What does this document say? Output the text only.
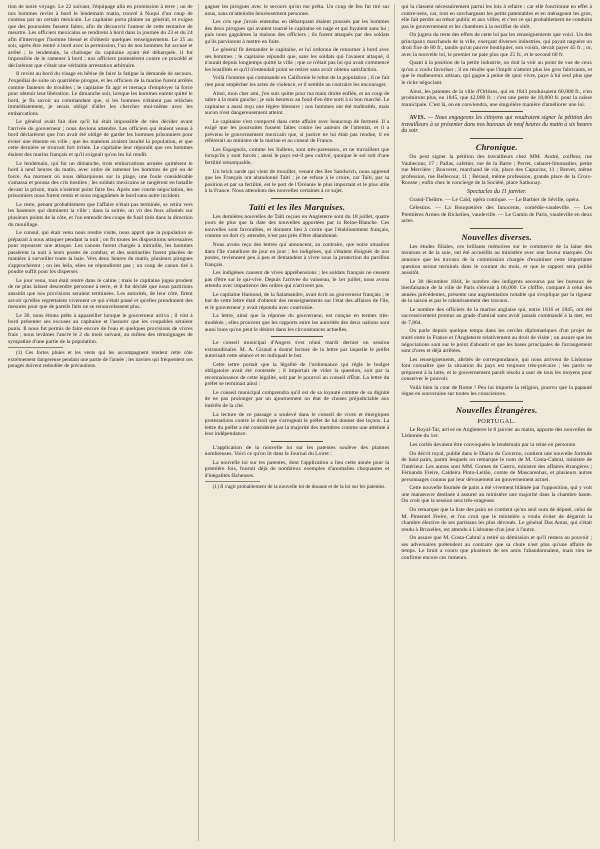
tion de notre voyage. Le 22 suivant, l'équipage alla en promission à terre ; un de nos hommes revint à bord le lendemain matin, trouvé à Nuqui d'un coup de couteau par un certain mexicain. Le capitaine porta plainte au général, et exigea que des poursuites fussent faites, afin de découvrir l'auteur de cette tentative de meurtre. Les officiers mexicains se rendirent à bord dans la journée du 23 et du 24 afin d'interroger l'homme blessé et d'obtenir quelques renseignements. Le 25 au soir, après être rentré à bord avec la permission, l'un de nos hommes fut accusé et arrêté ; le lendemain, la chaloupe du capitaine ayant été débarquée, il fut impossible de le ramener à bord ; nos officiers protestèrent contre ce procédé et déclarèrent que c'était une véritable arrestation arbitraire.

Il revint au bord du visage en bêtise de faire la fatigue la demande de secours. J'expédiai de suite un quatrième pirogue, et les officiers de la marine furent arrêtés comme fauteurs de troubles ; le capitaine fit agir et menaça d'employer la force pour obtenir leur libération. Le dimanche soir, lorsque les hommes eurent quitté le bord, je fis savoir au commandant que, si les hommes n'étaient pas relâchés immédiatement, je serais obligé d'aller les chercher moi-même avec les embarcations.

Le général avait fait dire qu'il lui était impossible de rien décider avant l'arrivée du gouverneur ; nous devions attendre. Les officiers qui étaient venus à bord déclarèrent que l'on avait été obligé de garder les hommes prisonniers pour éviter une émeute en ville ; que les matelots avaient insulté la population, et que cette dernière se trouvait fort irritée. Le capitaine leur répondit que ces hommes étaient des marins français et qu'il exigeait qu'on les lui rendît.

Le lendemain, qui fut un dimanche, trois embarcations armées quittèrent le bord à neuf heures du matin, avec ordre de ramener les hommes de gré ou de force. Au moment où nous débarquions sur la plage, une foule considérable s'amassa et poussa des cris hostiles ; les soldats mexicains se rangèrent en bataille devant la prison, mais n'osèrent point faire feu. Après une courte négociation, les prisonniers nous furent remis et nous regagnâmes le bord sans autre incident.

Le reste, penant probablement que l'affaire n'était pas terminée, se retira vers les hauteurs qui dominent la ville ; dans la soirée, on vit des feux allumés sur plusieurs points de la côte, et l'on entendit des coups de fusil tirés dans la direction du mouillage.

Le consul, qui était venu nous rendre visite, nous apprit que la population se préparait à nous attaquer pendant la nuit ; on fit toutes les dispositions nécessaires pour repousser une attaque. Les canons furent chargés à mitraille, les hommes passèrent la nuit à leurs postes de combat, et des sentinelles furent placées de manière à surveiller toute la baie. Vers deux heures du matin, plusieurs pirogues s'approchèrent ; on les héla, elles ne répondirent pas ; un coup de canon tiré à poudre suffit pour les disperser.

Le jour venu, tout était rentré dans le calme ; mais le capitaine jugea prudent de ne plus laisser descendre personne à terre, et il fut décidé que nous partirions aussitôt que nos provisions seraient terminées. Les autorités, de leur côté, firent savoir qu'elles regrettaient vivement ce qui s'était passé et qu'elles prendraient des mesures pour que de pareils faits ne se renouvelassent plus.

Le 30, nous étions prêts à appareiller lorsque le gouverneur arriva ; il vint à bord présenter ses excuses au capitaine et l'assurer que les coupables seraient punis. Il nous fut permis de faire encore de l'eau et quelques provisions de vivres frais ; nous levâmes l'ancre le 2 du mois suivant, au milieu des témoignages de sympathie d'une partie de la population.

(1) Ces fortes pluies et les vents qui les accompagnent rendent cette côte extrêmement dangereuse pendant une partie de l'année ; les navires qui fréquentent ces parages doivent redoubler de précautions.

gagner les pirogues avec le secours qu'on me prêta. Un coup de feu fut tiré sur nous, sans m'atteindre heureusement personne.

Les cris que j'avais entendus en débarquant étaient poussés par les hommes des deux pirogues qui avaient tourné le capitaine en nage et qui fuyaient sans lui ; puis nous gagnâmes la maison des officiers ; ils furent attaqués par des soldats qu'ils parvinrent à mettre en fuite.

Le général fit demander le capitaine, et lui ordonna de retourner à bord avec ses hommes ; le capitaine répondit que, sans les soldats qui l'avaient attaqué, il n'aurait depuis longtemps quitté la ville ; que ce n'était pas lui qui avait commencé les hostilités et qu'il n'entendait point se retirer sans avoir obtenu satisfaction.

Voilà l'homme qui commande en Californie le rebut de la population ; il ne fait rien pour empêcher les actes de violence, et il semble au contraire les encourager.

Ainsi, mon cher ami, j'en suis quitte pour ma main droite enflée, et un coup de sabre à la main gauche ; je suis heureux au fond d'en être sorti à si bon marché. Le capitaine a aussi reçu une légère blessure ; nos hommes ont été maltraités, mais aucun n'est dangereusement atteint.

Le capitaine s'est comporté dans cette affaire avec beaucoup de fermeté. Il a exigé que les poursuites fussent faites contre les auteurs de l'attentat, et il a prévenu le gouvernement mexicain que, si justice ne lui était pas rendue, il en référerait au ministre de la marine et au consul de France.

Les Espagnols, comme les Indiens, sont très-paresseux, et ne travaillent que lorsqu'ils y sont forcés ; aussi le pays est-il peu cultivé, quoique le sol soit d'une fertilité remarquable.

Un brick sarde qui vient de mouiller, venant des îles Sandwich, nous apprend que les Français ont abandonné Taïti ; je ne refuse à le croire, car Taïti, par sa position et par sa fertilité, est le port de l'Océanie le plus important et le plus utile à la France. Nous attendons des nouvelles certaines à ce sujet.

Taïti et les îles Marquises.

Les dernières nouvelles de Taïti reçues en Angleterre sont du 18 juillet, quatre jours de plus que la date des nouvelles apportées par la Reine-Blanche. Ces nouvelles sont favorables, et donnent lieu à croire que l'établissement français, comme on doit s'y attendre, n'est pas près d'être abandonné.

Nous avons reçu des lettres qui annoncent, au contraire, que notre situation dans l'île s'améliore de jour en jour ; les indigènes, qui s'étaient éloignés de nos postes, reviennent peu à peu et demandent à vivre sous la protection du pavillon français.

Les indigènes causent de vives appréhensions ; les soldats français ne cessent pas d'être sur le qui-vive. Depuis l'arrivée du vaisseau, le 1er juillet, nous avons attendu avec impatience des ordres qui n'arrivent pas.

Le capitaine Hamond, de la Salamandre, avait écrit au gouverneur français ; le but de cette lettre était d'obtenir des renseignements sur l'état des affaires de l'île, et le gouverneur y avait répondu avec courtoisie.

La lettre, ainsi que la réponse du gouverneur, est conçue en termes très-modérés ; elles prouvent que les rapports entre les autorités des deux nations sont aussi bons qu'on peut le désirer dans les circonstances actuelles.

Le conseil municipal d'Angers s'est réuni mardi dernier en session extraordinaire. M. A. Giraud a donné lecture de la lettre par laquelle le préfet autorisait cette séance et en indiquait le but.

Cette lettre portait que la légalité de l'ordonnance qui règle le budget obligatoire avait été contestée ; il importait de vider la question, soit par la reconnaissance de cette légalité, soit par le pourvoi au conseil d'État. La lettre du préfet se terminait ainsi :

Le conseil municipal comprendra qu'il est de sa loyauté comme de sa dignité de ne pas prolonger par un ajournement un état de choses préjudiciable aux intérêts de la cité.

La lecture de ce passage a soulevé dans le conseil de vives et énergiques protestations contre le droit que s'arrogeait le préfet de lui donner des leçons. La lettre du préfet a été considérée par la majorité des membres comme une atteinte à leur indépendance.

L'application de la nouvelle loi sur les patentes soulève des plaintes nombreuses. Voici ce qu'on lit dans le Journal du Loiret :

La nouvelle loi sur les patentes, dont l'application a lieu cette année pour la première fois, fournit déjà de nombreux exemples d'anomalies choquantes et d'inégalités fâcheuses.

(1) Il s'agit probablement de la nouvelle loi de douane et de la loi sur les patentes.

qui la classent nécessairement parmi les lois à refaire : car elle fonctionne en effet à contre-sens, car, tout en surchargeant les petits patentables et en ménageant les gros, elle fait perdre au trésor public et aux villes, et c'est ce qui probablement ne conduira pas le gouvernement et les chambres à la rectifier de sitôt.

On jugera du reste des effets de cette loi par les renseignements que voici. Un des principaux marchands de la ville, exerçant diverses industries, qui payait naguère un droit fixe de 80 fr., tandis qu'un pauvre boutiquier, son voisin, devait payer 45 fr. ; or, avec la nouvelle loi, le premier ne paie plus que 25 fr., et le second 60 fr.

Quant à la position de la petite industrie, on doit la voir au point de vue de ceux qu'on a voulu favoriser ; il en résulte que l'impôt n'atteint plus les gros fabricants, et que le malheureux artisan, qui gagne à peine de quoi vivre, paye à lui seul plus que le riche négociant.

Ainsi, les patentes de la ville d'Orléans, qui en 1843 produisaient 60,000 fr., n'en produiront plus, en 1845, que 42,000 fr. ; c'est une perte de 18,000 fr. pour la caisse municipale. C'est là, on en conviendra, une singulière manière d'améliorer une loi.

AVIS. — Nous engageons les citoyens qui voudraient signer la pétition des travailleurs à se présenter dans nos bureaux de neuf heures du matin à six heures du soir.

Chronique.

On peut signer la pétition des travailleurs chez MM. André, coiffeur, rue Vaubecour, 17 ; Pallas, cafetier, rue de la Barre ; Perret, cabaret-limonadier, petite rue Mercière ; Bouveret, marchand de vin, place des Capucins, 11 ; Brevet, même profession, rue Bellecour, 11 ; Béraud, même profession, grande place de la Croix-Rousse ; enfin chez le concierge de la Société, place Sathonay.

Spectacles du 11 janvier.

Grand-Théâtre. — Le Caïd, opéra comique. — Le Barbier de Séville, opéra.

Célestins. — La Bouquetière des Innocents, comédie-vaudeville. — Les Premières Armes de Richelieu, vaudeville. — Le Gamin de Paris, vaudeville en deux actes.

Nouvelles diverses.

Les études filiales, ces brillants mémoires sur le commerce de la laine des moutons et de la soie, ont été accueillis au ministère avec une faveur marquée. On annonce que les travaux de la commission chargée d'examiner cette importante question seront terminés dans le courant du mois, et que le rapport sera publié aussitôt.

Le 30 décembre 1844, le nombre des indigents secourus par les bureaux de bienfaisance de la ville de Paris s'élevait à 66,000. Ce chiffre, comparé à celui des années précédentes, présente une augmentation notable qui s'explique par la rigueur de la saison et par le ralentissement des travaux.

Le nombre des officiers de la marine anglaise qui, entre 1816 et 1845, ont été successivement promus au grade d'amiral sans avoir jamais commandé à la mer, est de 7,864.

On parle depuis quelque temps dans les cercles diplomatiques d'un projet de traité entre la France et l'Angleterre relativement au droit de visite ; on assure que les négociations sont sur le point d'aboutir et que les bases principales de l'arrangement sont d'ores et déjà arrêtées.

Les renseignements, abrités de correspondance, qui nous arrivent de Lisbonne font connaître que la situation du pays est toujours très-précaire ; les partis se préparent à la lutte, et le gouvernement paraît résolu à user de tous les moyens pour conserver le pouvoir.

Voilà bien la cour de Rome ! Peu lui importe la religion, pourvu que la papauté règne en souveraine sur toutes les consciences.

Nouvelles Étrangères.
PORTUGAL.

Le Royal-Tar, arrivé en Angleterre le 8 janvier au matin, apporte des nouvelles de Lisbonne du 1er.

Les cortès devaient être convoquées le lendemain par la reine en personne.

On décrit royal, publié dans le Diario do Governo, contient une nouvelle formule de haut pairs, parmi lesquels on remarque le nom de M. Costa-Cabral, ministre de l'intérieur. Les autres sont MM. Gomes de Castro, ministre des affaires étrangères ; Fernando Freire, Caldeira Pinto-Leitão, comte de Mascarenhas, et plusieurs autres personnages connus par leur dévouement au gouvernement actuel.

Cette nouvelle fournée de pairs a été vivement blâmée par l'opposition, qui y voit une manœuvre destinée à assurer au ministère une majorité dans la chambre haute. On croit que la session sera très-orageuse.

On remarque que la liste des pairs ne contient qu'un seul nom de député, celui de M. Pimentel Freire, et l'on croit que le ministère a voulu éviter de dégarnir la chambre élective de ses partisans les plus dévoués. Le général Das Antas, qui s'était rendu à Bruxelles, est attendu à Lisbonne d'un jour à l'autre.

On assure que M. Costa-Cabral a retiré sa démission et qu'il restera au pouvoir ; ses adversaires prétendent au contraire que sa chute n'est plus qu'une affaire de temps. Le bruit a couru que plusieurs de ses amis l'abandonnaient, mais rien ne confirme encore ces rumeurs.
